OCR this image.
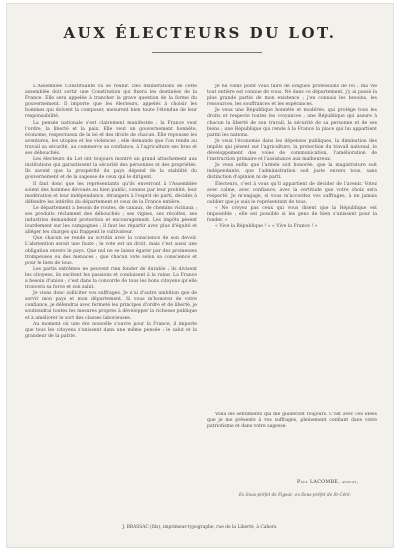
AUX ÉLECTEURS DU LOT.

L'Assemblée Constituante va se réunir. Des délibérations de cette assemblée doit sortir une Constitution qui fixera les destinées de la France. Elle sera appelée à trancher la grave question de la forme du gouvernement. Il importe que les électeurs, appelés à choisir les hommes qui doivent la composer, mesurent bien toute l'étendue de leur responsabilité.

La pensée nationale s'est clairement manifestée : la France veut l'ordre, la liberté et la paix. Elle veut un gouvernement honnête, économe, respectueux de la loi et des droits de chacun. Elle repousse les aventures, les utopies et les violences ; elle demande que l'on rende au travail sa sécurité, au commerce sa confiance, à l'agriculture ses bras et ses débouchés.

Les électeurs du Lot ont toujours montré un grand attachement aux institutions qui garantissent la sécurité des personnes et des propriétés. Ils savent que la prospérité du pays dépend de la stabilité du gouvernement et de la sagesse de ceux qui le dirigent.

Il faut donc que les représentants qu'ils enverront à l'Assemblée soient des hommes dévoués au bien public, connus par leur probité, leur modération et leur indépendance, étrangers à l'esprit de parti, décidés à défendre les intérêts du département et ceux de la France entière.

Le département a besoin de routes, de canaux, de chemins vicinaux ; ses produits réclament des débouchés ; ses vignes, ses récoltes, ses industries demandent protection et encouragement. Les impôts pèsent lourdement sur les campagnes ; il faut les répartir avec plus d'équité et alléger les charges qui frappent le cultivateur.

Que chacun se rende au scrutin avec la conscience de son devoir. L'abstention serait une faute ; le vote est un droit, mais c'est aussi une obligation envers le pays. Que nul ne se laisse égarer par des promesses trompeuses ou des menaces ; que chacun vote selon sa conscience et pour le bien de tous.

Les partis extrêmes ne peuvent rien fonder de durable ; ils divisent les citoyens, ils excitent les passions et conduisent à la ruine. La France a besoin d'union ; c'est dans la concorde de tous les bons citoyens qu'elle trouvera sa force et son salut.

Je viens donc solliciter vos suffrages. Je n'ai d'autre ambition que de servir mon pays et mon département. Si vous m'honorez de votre confiance, je défendrai avec fermeté les principes d'ordre et de liberté, je soutiendrai toutes les mesures propres à développer la richesse publique et à améliorer le sort des classes laborieuses.

Au moment où une ère nouvelle s'ouvre pour la France, il importe que tous les citoyens s'unissent dans une même pensée : le salut et la grandeur de la patrie.

Je ne viens point vous faire de longues professions de foi ; ma vie tout entière est connue de vous. Né dans ce département, j'y ai passé la plus grande partie de mon existence ; j'en connais les besoins, les ressources, les souffrances et les espérances.

Je veux une République honnête et modérée, qui protège tous les droits et respecte toutes les croyances ; une République qui assure à chacun la liberté de son travail, la sécurité de sa personne et de ses biens ; une République qui rende à la France la place qui lui appartient parmi les nations.

Je veux l'économie dans les dépenses publiques, la diminution des impôts qui pèsent sur l'agriculture, la protection du travail national, le développement des voies de communication, l'amélioration de l'instruction primaire et l'assistance aux malheureux.

Je veux enfin que l'armée soit honorée, que la magistrature soit indépendante, que l'administration soit juste envers tous, sans distinction d'opinion ni de parti.

Électeurs, c'est à vous qu'il appartient de décider de l'avenir. Votez avec calme, avec confiance, avec la certitude que votre choix sera respecté. Je m'engage, si vous m'accordez vos suffrages, à ne jamais oublier que je suis le représentant de tous.

« Ne croyez pas ceux qui vous disent que la République est impossible ; elle est possible si les gens de bien s'unissent pour la fonder. »

« Vive la République ! » « Vive la France ! »

Voilà les sentiments qui me guideront toujours. C'est avec ces idées que je me présente à vos suffrages, pleinement confiant dans votre patriotisme et dans votre sagesse.

Paul LACOMBE, avocat,
Ex-Sous-préfet de Figeac, ex-Sous-préfet de St-Céré.
J. BRASSAC (fils), imprimeur-typographe, rue de la Liberté, à Cahors.
